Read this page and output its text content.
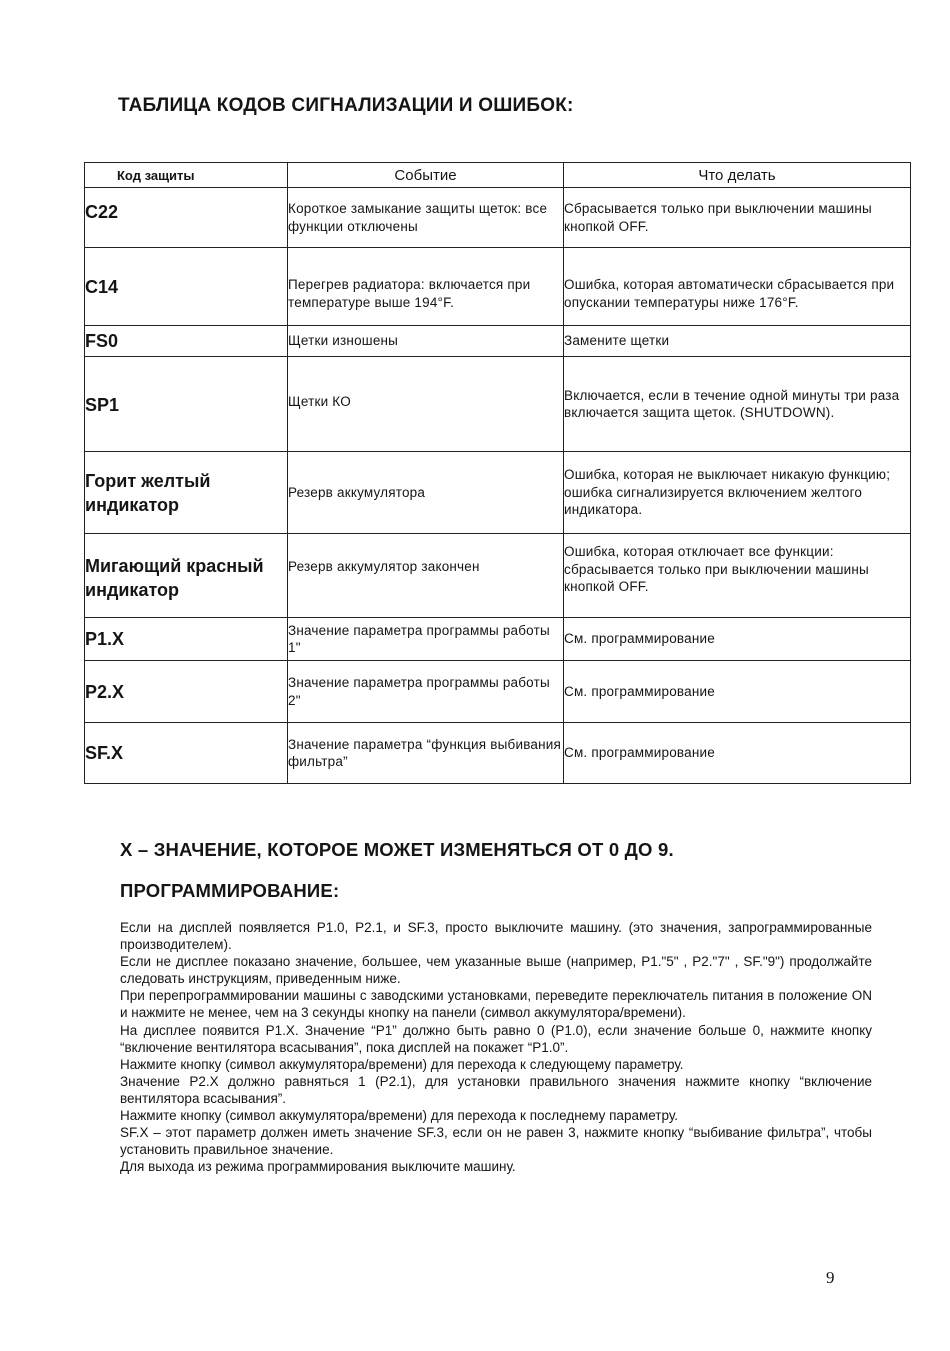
ТАБЛИЦА КОДОВ СИГНАЛИЗАЦИИ И ОШИБОК:
Код защиты	Событие	Что делать
C22	Короткое замыкание защиты щеток: все функции отключены	Сбрасывается только при выключении машины кнопкой OFF.
C14	Перегрев радиатора: включается при температуре выше 194°F.	Ошибка, которая автоматически сбрасывается при опускании температуры ниже 176°F.
FS0	Щетки изношены	Замените щетки
SP1	Щетки КО	Включается, если в течение одной минуты три раза включается защита щеток. (SHUTDOWN).
Горит желтый индикатор	Резерв аккумулятора	Ошибка, которая не выключает никакую функцию; ошибка сигнализируется включением желтого индикатора.
Мигающий красный индикатор	Резерв аккумулятор закончен	Ошибка, которая отключает все функции: сбрасывается только при выключении машины кнопкой OFF.
P1.X	Значение параметра программы работы 1"	См. программирование
P2.X	Значение параметра программы работы 2"	См. программирование
SF.X	Значение параметра “функция выбивания фильтра”	См. программирование
X – ЗНАЧЕНИЕ, КОТОРОЕ МОЖЕТ ИЗМЕНЯТЬСЯ ОТ 0 ДО 9.
ПРОГРАММИРОВАНИЕ:

Если на дисплей появляется P1.0, P2.1, и SF.3, просто выключите машину. (это значения, запрограммированные производителем).

Если не дисплее показано значение, большее, чем указанные выше (например, P1."5" , P2."7" , SF."9") продолжайте следовать инструкциям, приведенным ниже.

При перепрограммировании машины с заводскими установками, переведите переключатель питания в положение ON и нажмите не менее, чем на 3 секунды кнопку на панели (символ аккумулятора/времени).

На дисплее появится P1.X. Значение “P1” должно быть равно 0 (P1.0), если значение больше 0, нажмите кнопку “включение вентилятора всасывания”, пока дисплей на покажет “P1.0”.

Нажмите кнопку (символ аккумулятора/времени) для перехода к следующему параметру.

Значение P2.X должно равняться 1 (P2.1), для установки правильного значения нажмите кнопку “включение вентилятора всасывания”.

Нажмите кнопку (символ аккумулятора/времени) для перехода к последнему параметру.

SF.X – этот параметр должен иметь значение SF.3, если он не равен 3, нажмите кнопку “выбивание фильтра”, чтобы установить правильное значение.

Для выхода из режима программирования выключите машину.

9
